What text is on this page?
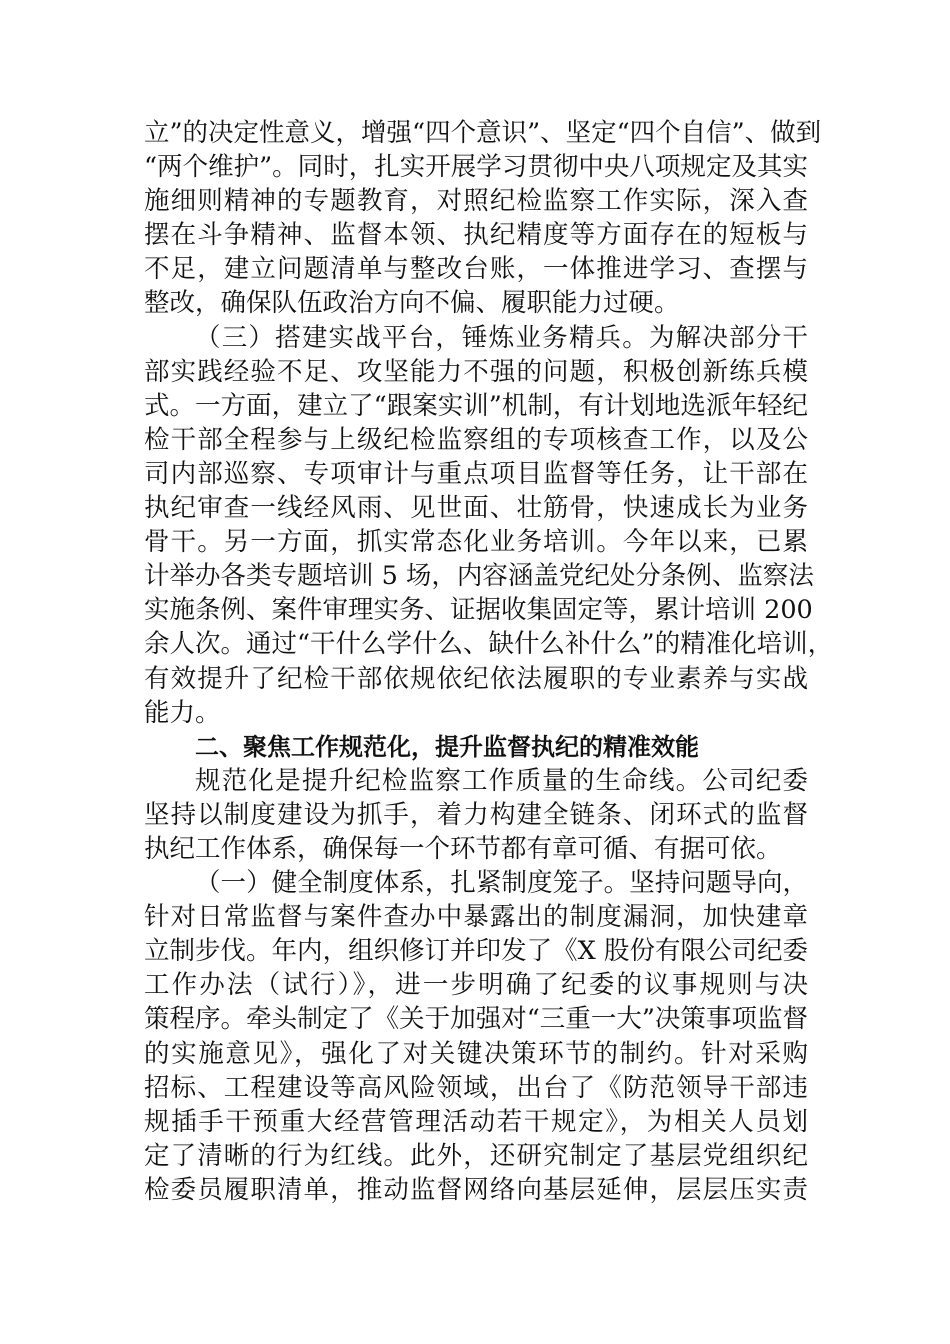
立”的决定性意义，增强“四个意识”、坚定“四个自信”、做到
“两个维护”。同时，扎实开展学习贯彻中央八项规定及其实
施细则精神的专题教育，对照纪检监察工作实际，深入查
摆在斗争精神、监督本领、执纪精度等方面存在的短板与
不足，建立问题清单与整改台账，一体推进学习、查摆与
整改，确保队伍政治方向不偏、履职能力过硬。
（三）搭建实战平台，锤炼业务精兵。为解决部分干
部实践经验不足、攻坚能力不强的问题，积极创新练兵模
式。一方面，建立了“跟案实训”机制，有计划地选派年轻纪
检干部全程参与上级纪检监察组的专项核查工作，以及公
司内部巡察、专项审计与重点项目监督等任务，让干部在
执纪审查一线经风雨、见世面、壮筋骨，快速成长为业务
骨干。另一方面，抓实常态化业务培训。今年以来，已累
计举办各类专题培训 5 场，内容涵盖党纪处分条例、监察法
实施条例、案件审理实务、证据收集固定等，累计培训 200
余人次。通过“干什么学什么、缺什么补什么”的精准化培训，
有效提升了纪检干部依规依纪依法履职的专业素养与实战
能力。
二、聚焦工作规范化，提升监督执纪的精准效能
规范化是提升纪检监察工作质量的生命线。公司纪委
坚持以制度建设为抓手，着力构建全链条、闭环式的监督
执纪工作体系，确保每一个环节都有章可循、有据可依。
（一）健全制度体系，扎紧制度笼子。坚持问题导向，
针对日常监督与案件查办中暴露出的制度漏洞，加快建章
立制步伐。年内，组织修订并印发了《X 股份有限公司纪委
工作办法（试行）》，进一步明确了纪委的议事规则与决
策程序。牵头制定了《关于加强对“三重一大”决策事项监督
的实施意见》，强化了对关键决策环节的制约。针对采购
招标、工程建设等高风险领域，出台了《防范领导干部违
规插手干预重大经营管理活动若干规定》，为相关人员划
定了清晰的行为红线。此外，还研究制定了基层党组织纪
检委员履职清单，推动监督网络向基层延伸，层层压实责
